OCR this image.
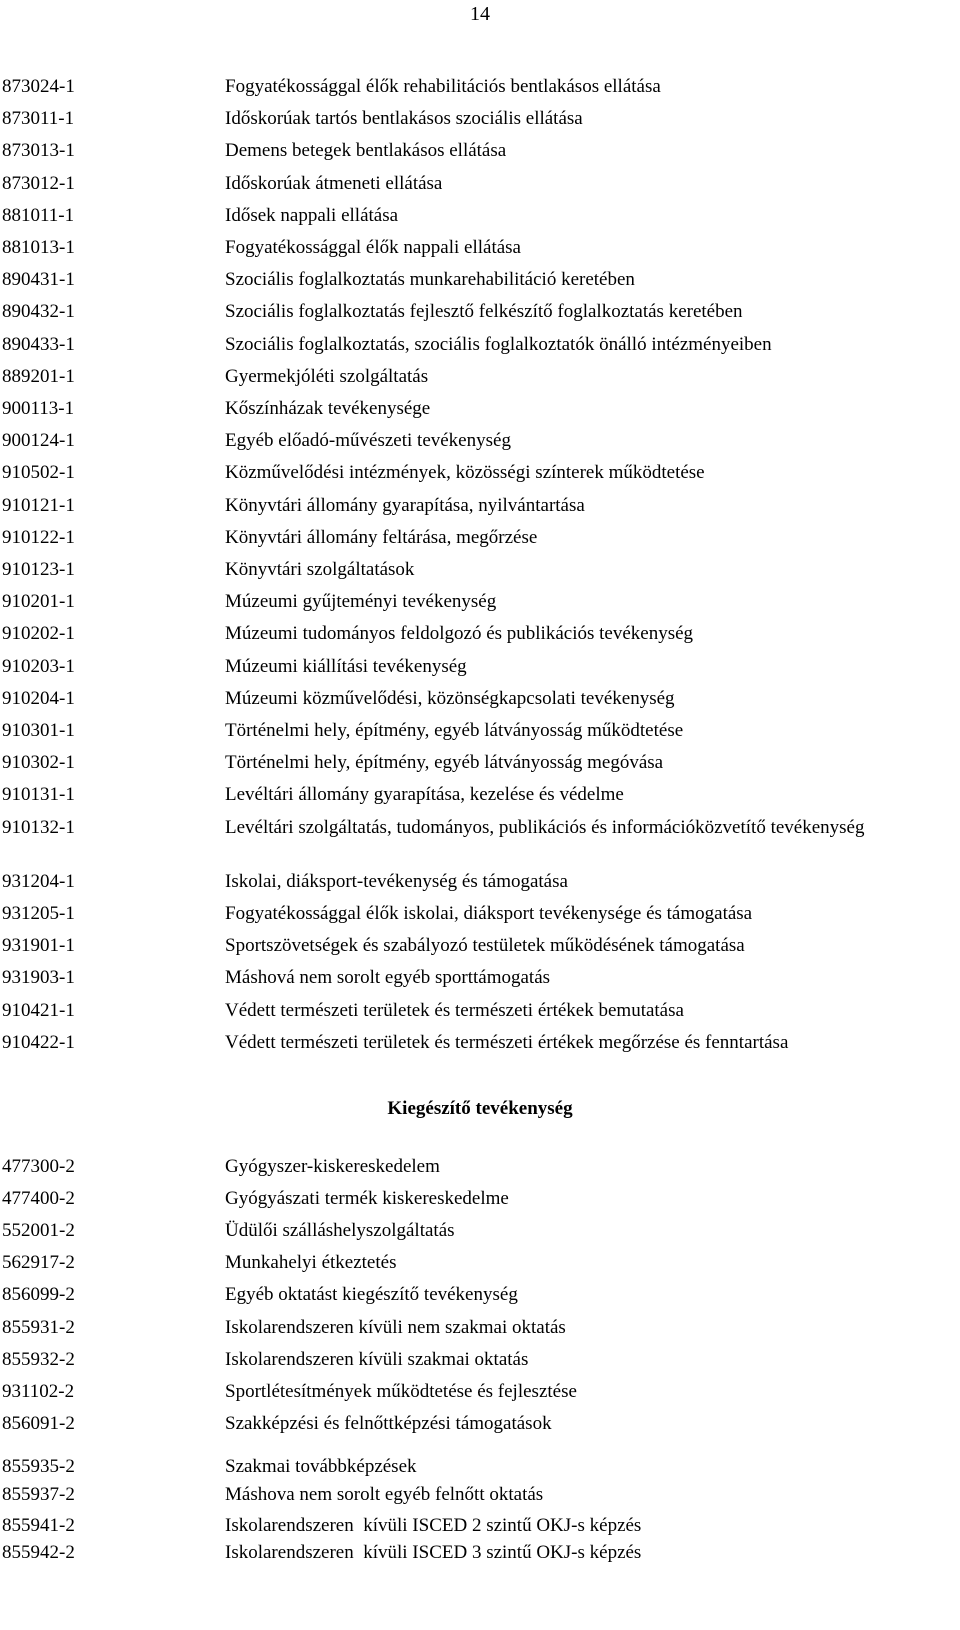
14
873024-1	Fogyatékossággal élők rehabilitációs bentlakásos ellátása
873011-1	Időskorúak tartós bentlakásos szociális ellátása
873013-1	Demens betegek bentlakásos ellátása
873012-1	Időskorúak átmeneti ellátása
881011-1	Idősek nappali ellátása
881013-1	Fogyatékossággal élők nappali ellátása
890431-1	Szociális foglalkoztatás munkarehabilitáció keretében
890432-1	Szociális foglalkoztatás fejlesztő felkészítő foglalkoztatás keretében
890433-1	Szociális foglalkoztatás, szociális foglalkoztatók önálló intézményeiben
889201-1	Gyermekjóléti szolgáltatás
900113-1	Kőszínházak tevékenysége
900124-1	Egyéb előadó-művészeti tevékenység
910502-1	Közművelődési intézmények, közösségi színterek működtetése
910121-1	Könyvtári állomány gyarapítása, nyilvántartása
910122-1	Könyvtári állomány feltárása, megőrzése
910123-1	Könyvtári szolgáltatások
910201-1	Múzeumi gyűjteményi tevékenység
910202-1	Múzeumi tudományos feldolgozó és publikációs tevékenység
910203-1	Múzeumi kiállítási tevékenység
910204-1	Múzeumi közművelődési, közönségkapcsolati tevékenység
910301-1	Történelmi hely, építmény, egyéb látványosság működtetése
910302-1	Történelmi hely, építmény, egyéb látványosság megóvása
910131-1	Levéltári állomány gyarapítása, kezelése és védelme
910132-1	Levéltári szolgáltatás, tudományos, publikációs és információközvetítő tevékenység
931204-1	Iskolai, diáksport-tevékenység és támogatása
931205-1	Fogyatékossággal élők iskolai, diáksport tevékenysége és támogatása
931901-1	Sportszövetségek és szabályozó testületek működésének támogatása
931903-1	Máshová nem sorolt egyéb sporttámogatás
910421-1	Védett természeti területek és természeti értékek bemutatása
910422-1	Védett természeti területek és természeti értékek megőrzése és fenntartása
Kiegészítő tevékenység
477300-2	Gyógyszer-kiskereskedelem
477400-2	Gyógyászati termék kiskereskedelme
552001-2	Üdülői szálláshelyszolgáltatás
562917-2	Munkahelyi étkeztetés
856099-2	Egyéb oktatást kiegészítő tevékenység
855931-2	Iskolarendszeren kívüli nem szakmai oktatás
855932-2	Iskolarendszeren kívüli szakmai oktatás
931102-2	Sportlétesítmények működtetése és fejlesztése
856091-2	Szakképzési és felnőttképzési támogatások
855935-2	Szakmai továbbképzések
855937-2	Máshova nem sorolt egyéb felnőtt oktatás
855941-2	Iskolarendszeren  kívüli ISCED 2 szintű OKJ-s képzés
855942-2	Iskolarendszeren  kívüli ISCED 3 szintű OKJ-s képzés
